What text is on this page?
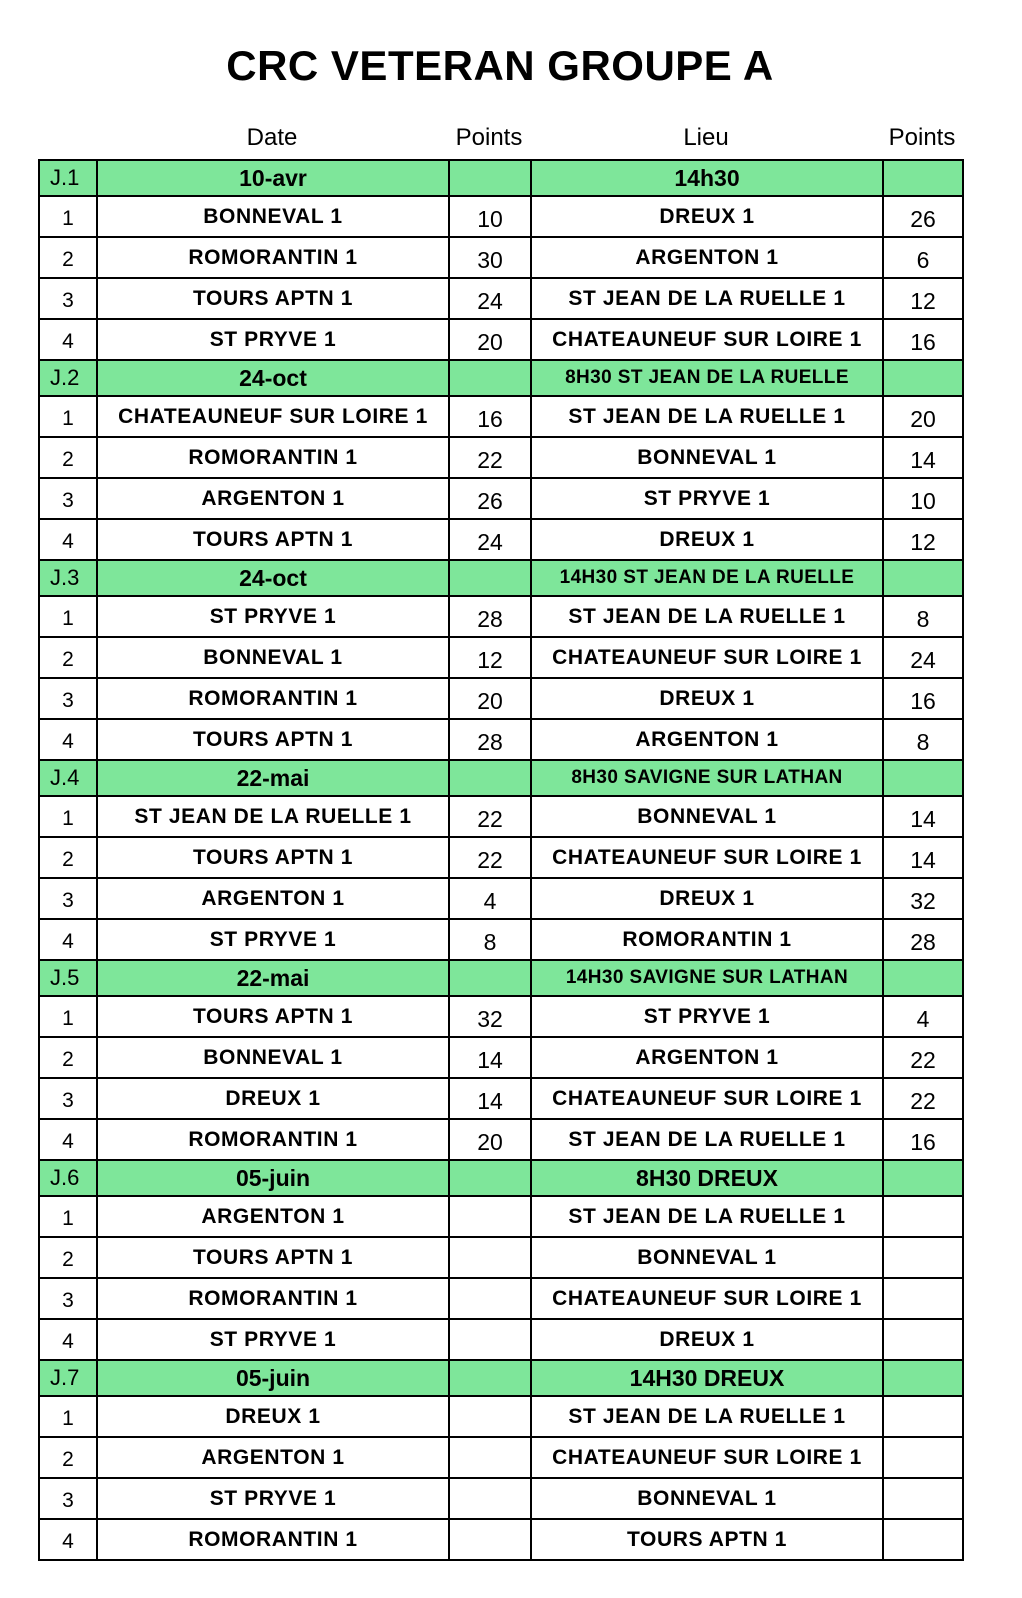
CRC VETERAN GROUPE A
Date	Points	Lieu	Points
J.1	10-avr		14h30	
1	BONNEVAL 1	10	DREUX 1	26
2	ROMORANTIN 1	30	ARGENTON 1	6
3	TOURS APTN 1	24	ST JEAN DE LA RUELLE 1	12
4	ST PRYVE 1	20	CHATEAUNEUF SUR LOIRE 1	16
J.2	24-oct		8H30 ST JEAN DE LA RUELLE	
1	CHATEAUNEUF SUR LOIRE 1	16	ST JEAN DE LA RUELLE 1	20
2	ROMORANTIN 1	22	BONNEVAL 1	14
3	ARGENTON 1	26	ST PRYVE 1	10
4	TOURS APTN 1	24	DREUX 1	12
J.3	24-oct		14H30 ST JEAN DE LA RUELLE	
1	ST PRYVE 1	28	ST JEAN DE LA RUELLE 1	8
2	BONNEVAL 1	12	CHATEAUNEUF SUR LOIRE 1	24
3	ROMORANTIN 1	20	DREUX 1	16
4	TOURS APTN 1	28	ARGENTON 1	8
J.4	22-mai		8H30 SAVIGNE SUR LATHAN	
1	ST JEAN DE LA RUELLE 1	22	BONNEVAL 1	14
2	TOURS APTN 1	22	CHATEAUNEUF SUR LOIRE 1	14
3	ARGENTON 1	4	DREUX 1	32
4	ST PRYVE 1	8	ROMORANTIN 1	28
J.5	22-mai		14H30 SAVIGNE SUR LATHAN	
1	TOURS APTN 1	32	ST PRYVE 1	4
2	BONNEVAL 1	14	ARGENTON 1	22
3	DREUX 1	14	CHATEAUNEUF SUR LOIRE 1	22
4	ROMORANTIN 1	20	ST JEAN DE LA RUELLE 1	16
J.6	05-juin		8H30 DREUX	
1	ARGENTON 1		ST JEAN DE LA RUELLE 1	
2	TOURS APTN 1		BONNEVAL 1	
3	ROMORANTIN 1		CHATEAUNEUF SUR LOIRE 1	
4	ST PRYVE 1		DREUX 1	
J.7	05-juin		14H30 DREUX	
1	DREUX 1		ST JEAN DE LA RUELLE 1	
2	ARGENTON 1		CHATEAUNEUF SUR LOIRE 1	
3	ST PRYVE 1		BONNEVAL 1	
4	ROMORANTIN 1		TOURS APTN 1	
